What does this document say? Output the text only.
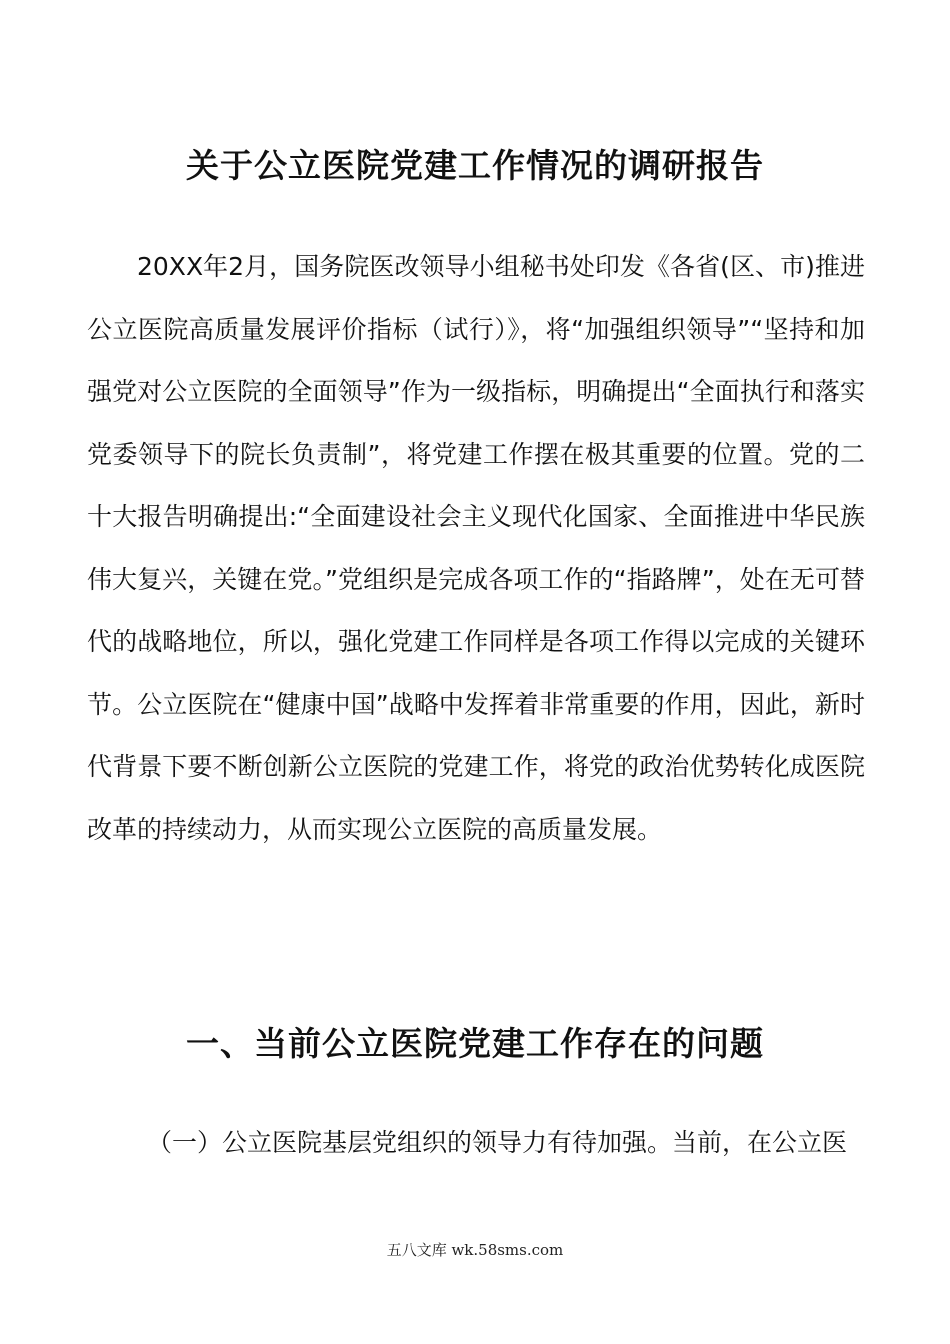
关于公立医院党建工作情况的调研报告

20XX年2月，国务院医改领导小组秘书处印发《各省(区、市)推进公立医院高质量发展评价指标（试行）》，将“加强组织领导”“坚持和加强党对公立医院的全面领导”作为一级指标，明确提出“全面执行和落实党委领导下的院长负责制”，将党建工作摆在极其重要的位置。党的二十大报告明确提出:“全面建设社会主义现代化国家、全面推进中华民族伟大复兴，关键在党。”党组织是完成各项工作的“指路牌”，处在无可替代的战略地位，所以，强化党建工作同样是各项工作得以完成的关键环节。公立医院在“健康中国”战略中发挥着非常重要的作用，因此，新时代背景下要不断创新公立医院的党建工作，将党的政治优势转化成医院改革的持续动力，从而实现公立医院的高质量发展。

一、当前公立医院党建工作存在的问题

（一）公立医院基层党组织的领导力有待加强。当前，在公立医

五八文库 wk.58sms.com
